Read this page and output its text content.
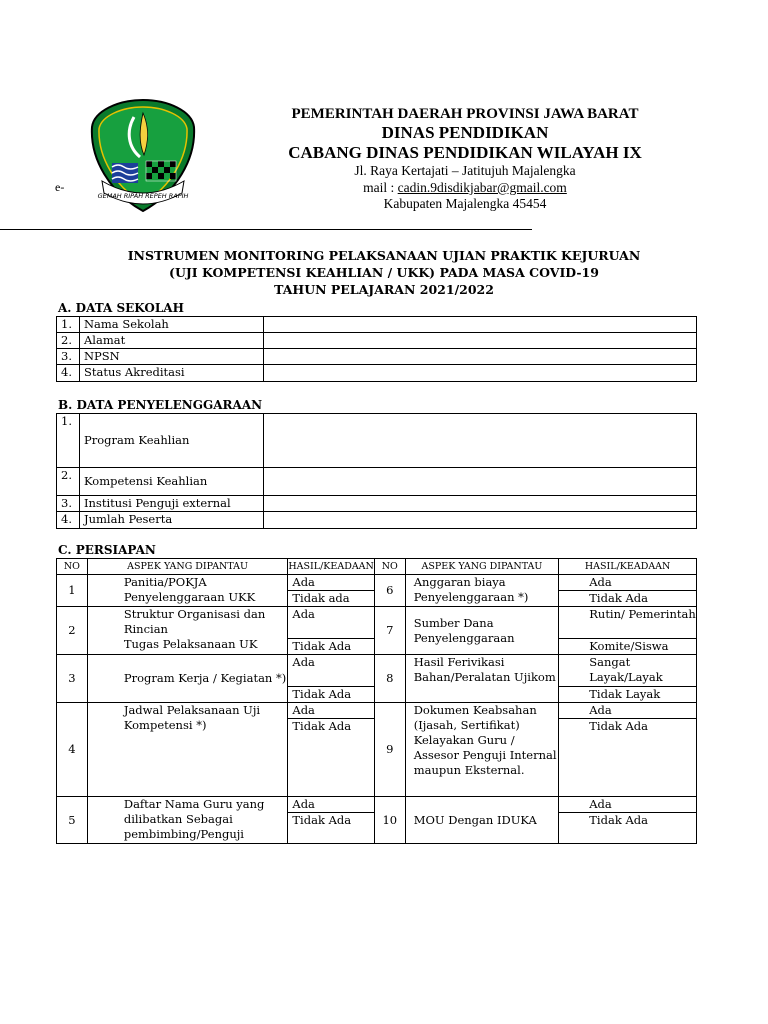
GEMAH RIPAH REPEH RAPIH
e-
PEMERINTAH DAERAH PROVINSI JAWA BARAT
DINAS PENDIDIKAN
CABANG DINAS PENDIDIKAN WILAYAH IX
Jl. Raya Kertajati – Jatitujuh Majalengka
mail : cadin.9disdikjabar@gmail.com
Kabupaten Majalengka 45454
INSTRUMEN MONITORING PELAKSANAAN UJIAN PRAKTIK KEJURUAN
(UJI KOMPETENSI KEAHLIAN / UKK) PADA MASA COVID-19
TAHUN PELAJARAN 2021/2022
A. DATA SEKOLAH
1.	Nama Sekolah	
2.	Alamat	
3.	NPSN	
4.	Status Akreditasi	
B. DATA PENYELENGGARAAN
1.	Program Keahlian	
2.	Kompetensi Keahlian	
3.	Institusi Penguji external	
4.	Jumlah Peserta	
C. PERSIAPAN
NO	ASPEK YANG DIPANTAU	HASIL/KEADAAN	NO	ASPEK YANG DIPANTAU	HASIL/KEADAAN
1	Panitia/POKJA Penyelenggaraan UKK	Ada	6	Anggaran biaya Penyelenggaraan *)	Ada
		Tidak ada			Tidak Ada
2	Struktur Organisasi dan Rincian
Tugas Pelaksanaan UK	Ada	7	Sumber Dana Penyelenggaraan	Rutin/ Pemerintah
		Tidak Ada			Komite/Siswa
3	Program Kerja / Kegiatan *)	Ada	8	Hasil Ferivikasi Bahan/Peralatan Ujikom	Sangat Layak/Layak
		Tidak Ada			Tidak Layak
4	Jadwal Pelaksanaan Uji Kompetensi *)	Ada	9	Dokumen Keabsahan (Ijasah, Sertifikat) Kelayakan Guru / Assesor Penguji Internal maupun Eksternal.	Ada
		Tidak Ada			Tidak Ada
5	Daftar Nama Guru yang dilibatkan Sebagai pembimbing/Penguji	Ada	10	MOU Dengan IDUKA	Ada
		Tidak Ada			Tidak Ada
